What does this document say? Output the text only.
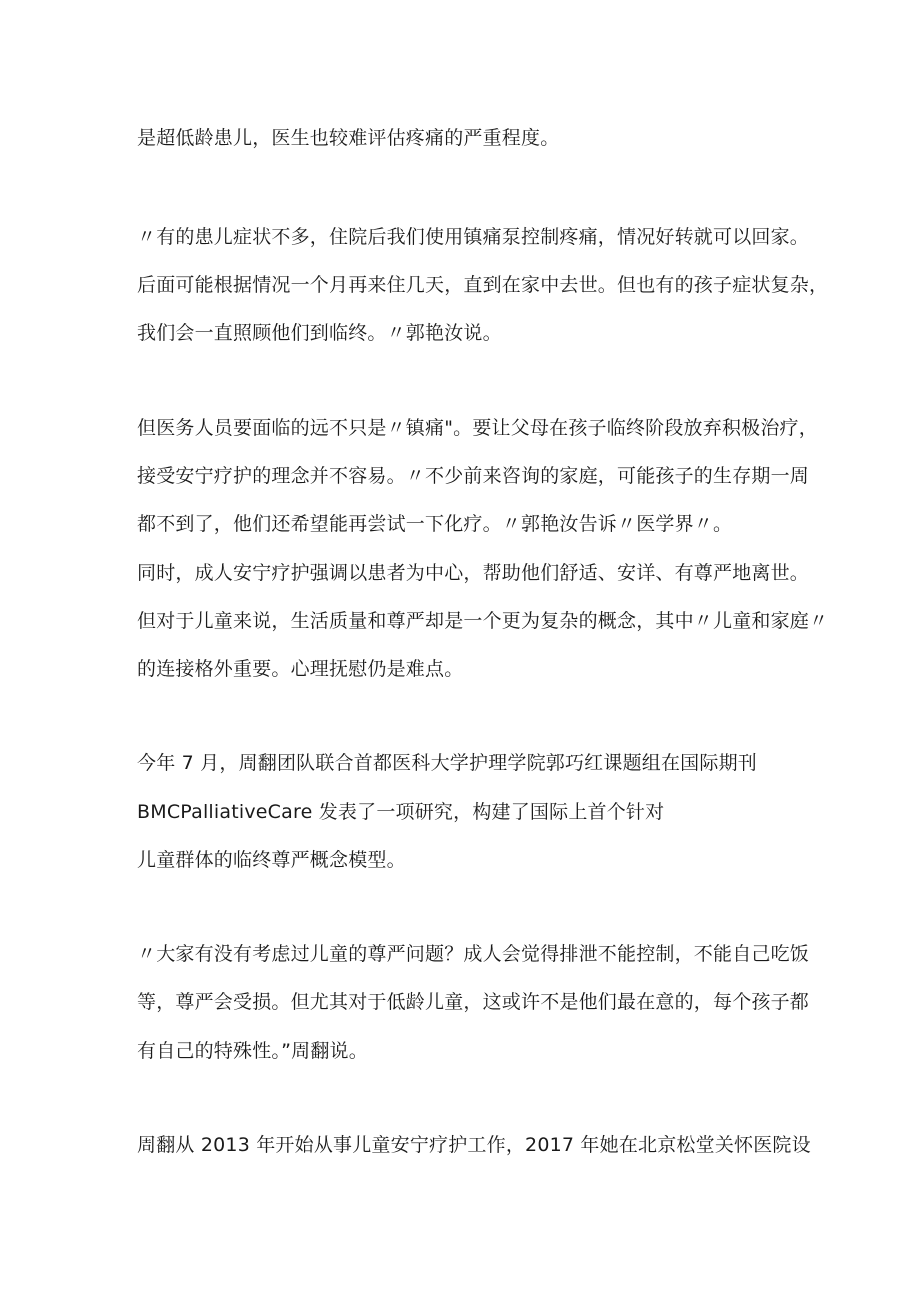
是超低龄患儿，医生也较难评估疼痛的严重程度。
〃有的患儿症状不多，住院后我们使用镇痛泵控制疼痛，情况好转就可以回家。
后面可能根据情况一个月再来住几天，直到在家中去世。但也有的孩子症状复杂，
我们会一直照顾他们到临终。〃郭艳汝说。
但医务人员要面临的远不只是〃镇痛"。要让父母在孩子临终阶段放弃积极治疗，
接受安宁疗护的理念并不容易。〃不少前来咨询的家庭，可能孩子的生存期一周
都不到了，他们还希望能再尝试一下化疗。〃郭艳汝告诉〃医学界〃。
同时，成人安宁疗护强调以患者为中心，帮助他们舒适、安详、有尊严地离世。
但对于儿童来说，生活质量和尊严却是一个更为复杂的概念，其中〃儿童和家庭〃
的连接格外重要。心理抚慰仍是难点。
今年 7 月，周翻团队联合首都医科大学护理学院郭巧红课题组在国际期刊
BMCPalliativeCare 发表了一项研究，构建了国际上首个针对
儿童群体的临终尊严概念模型。
〃大家有没有考虑过儿童的尊严问题？成人会觉得排泄不能控制，不能自己吃饭
等，尊严会受损。但尤其对于低龄儿童，这或许不是他们最在意的，每个孩子都
有自己的特殊性。”周翻说。
周翻从 2013 年开始从事儿童安宁疗护工作，2017 年她在北京松堂关怀医院设
